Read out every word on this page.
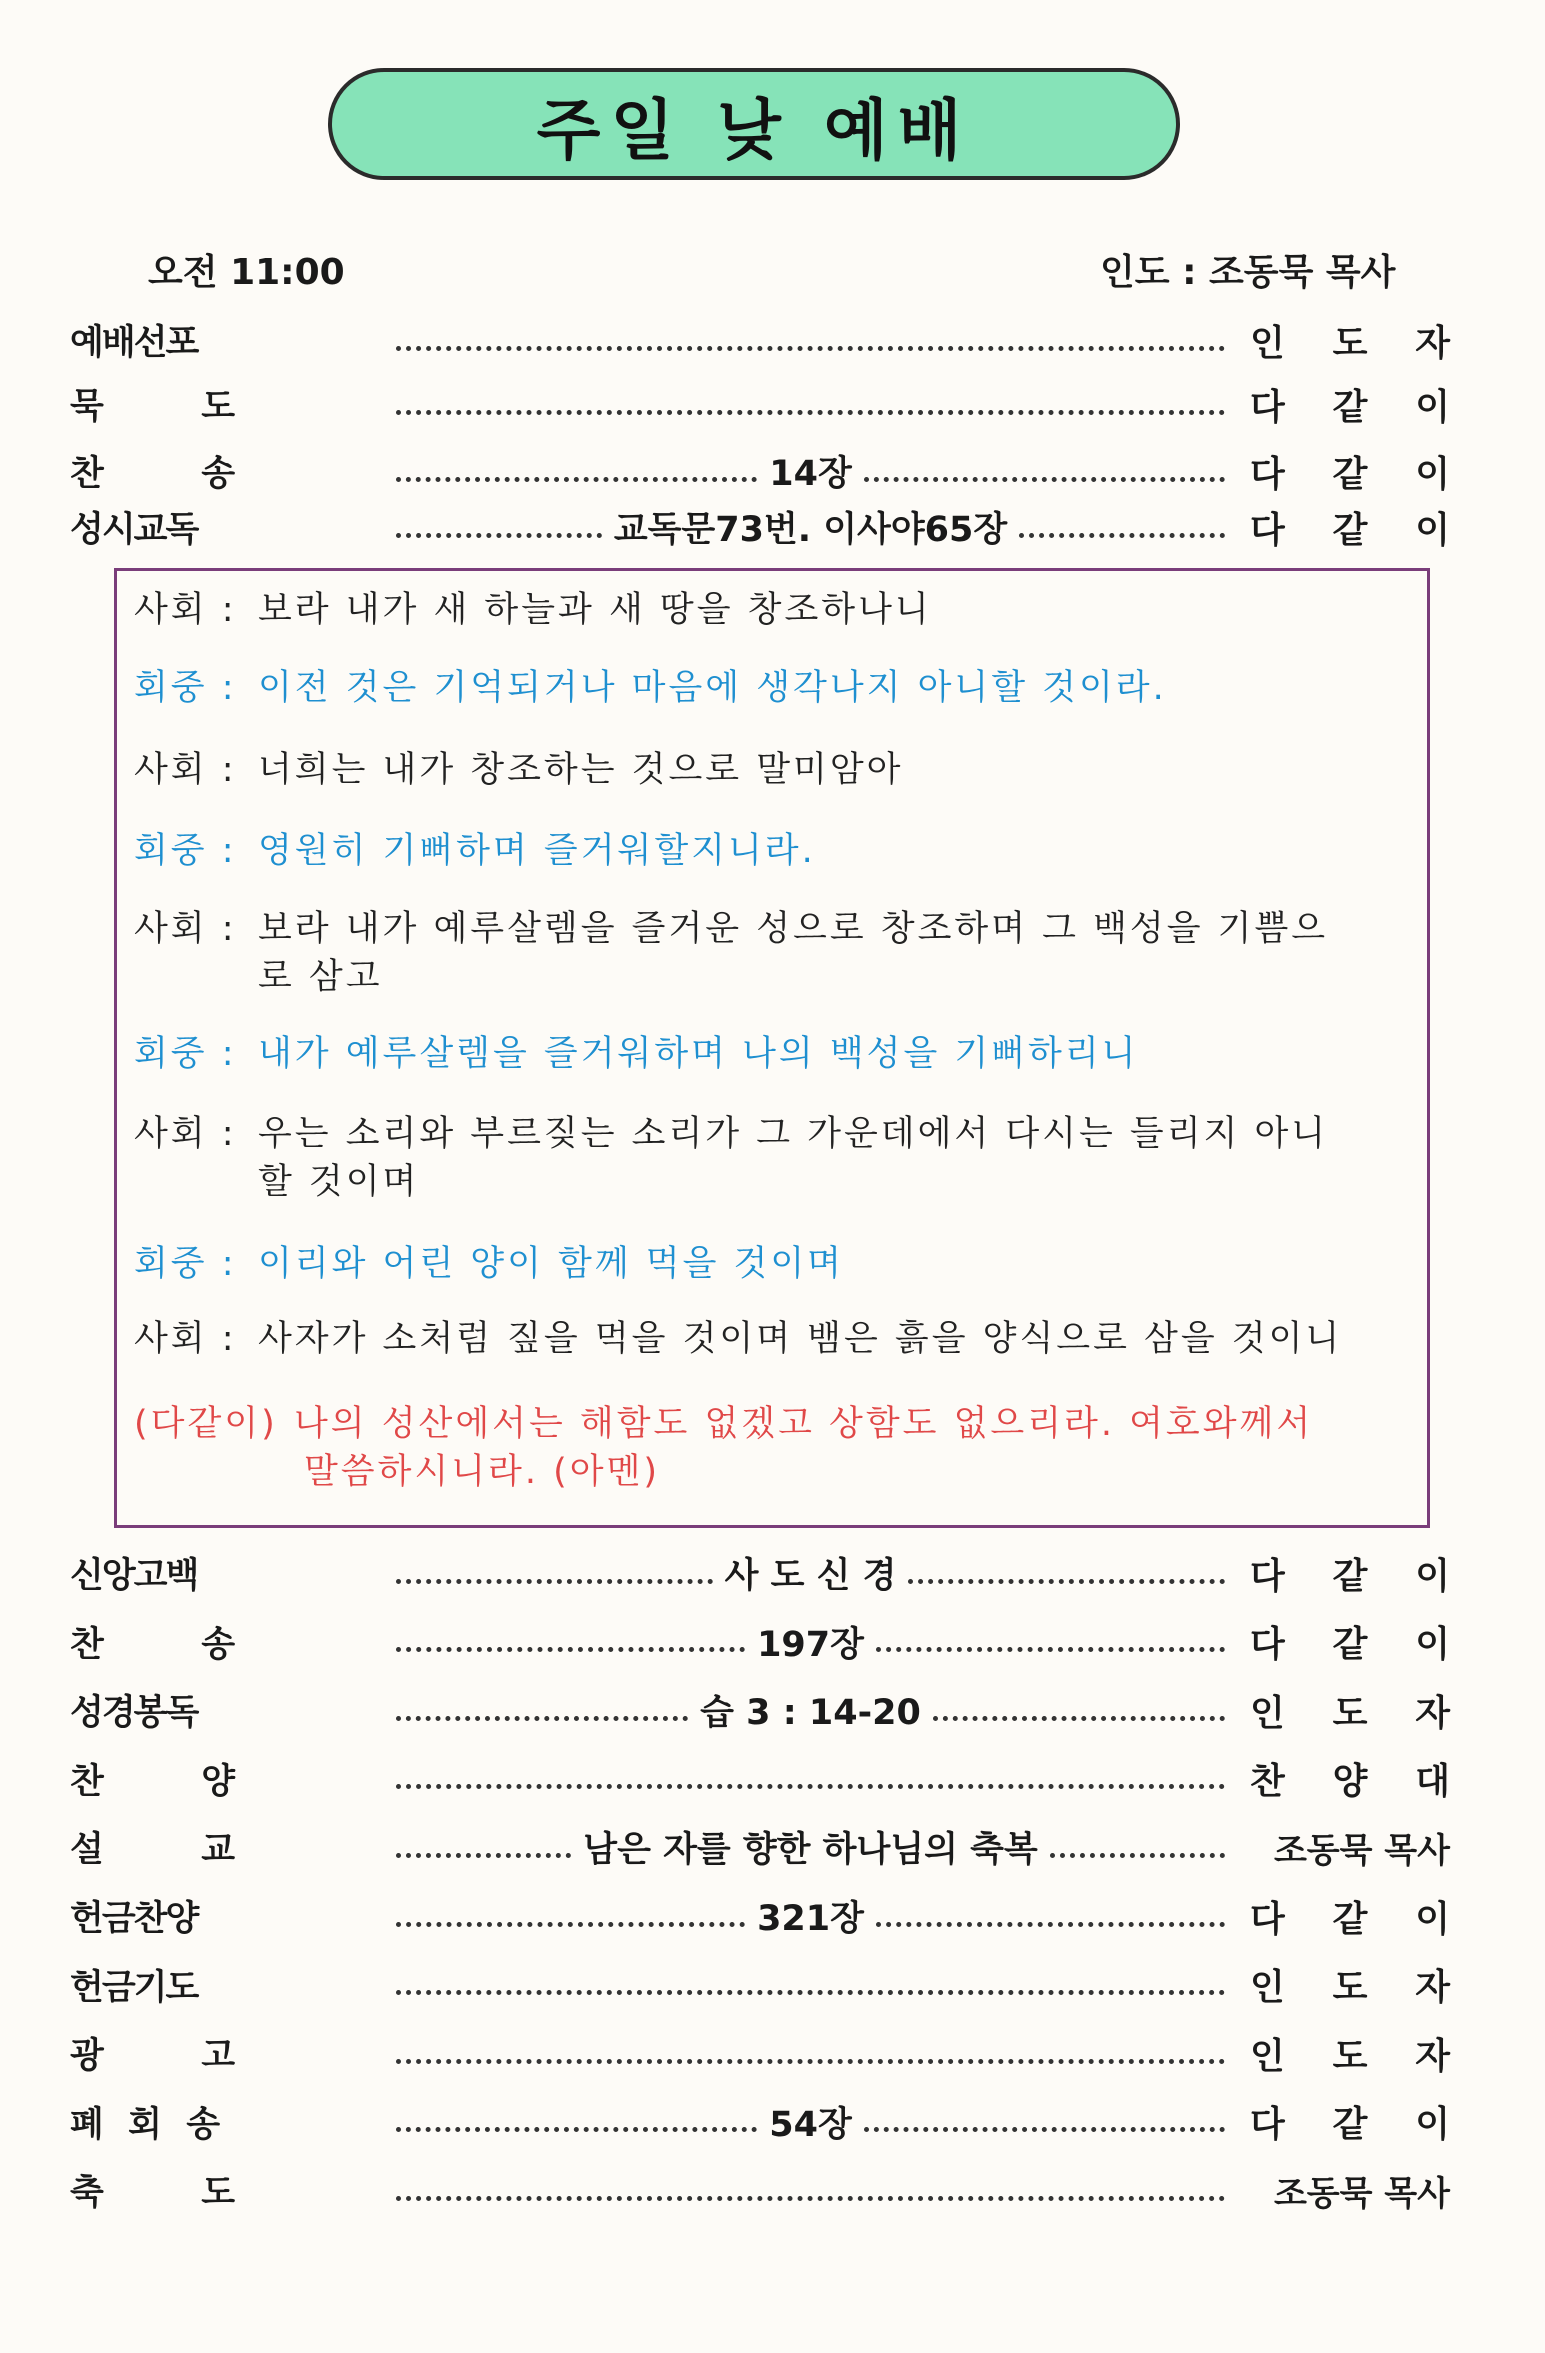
주일 낮 예배
오전 11:00	인도 : 조동묵 목사
예 배 선 포	인 도 자
묵	도	다 같 이
찬	송	14장	다 같 이
성 시 교 독	교독문73번. 이사야65장	다 같 이
사회 : 보라 내가 새 하늘과 새 땅을 창조하나니
회중 : 이전 것은 기억되거나 마음에 생각나지 아니할 것이라.
사회 : 너희는 내가 창조하는 것으로 말미암아
회중 : 영원히 기뻐하며 즐거워할지니라.
사회 : 보라 내가 예루살렘을 즐거운 성으로 창조하며 그 백성을 기쁨으
로 삼고
회중 : 내가 예루살렘을 즐거워하며 나의 백성을 기뻐하리니
사회 : 우는 소리와 부르짖는 소리가 그 가운데에서 다시는 들리지 아니
할 것이며
회중 : 이리와 어린 양이 함께 먹을 것이며
사회 : 사자가 소처럼 짚을 먹을 것이며 뱀은 흙을 양식으로 삼을 것이니
(다같이) 나의 성산에서는 해함도 없겠고 상함도 없으리라. 여호와께서
말씀하시니라. (아멘)
신 앙 고 백	사 도 신 경	다 같 이
찬	송	197장	다 같 이
성 경 봉 독	습 3 : 14-20	인 도 자
찬	양	찬 양 대
설	교	남은 자를 향한 하나님의 축복	조동묵 목사
헌 금 찬 양	321장	다 같 이
헌 금 기 도	인 도 자
광	고	인 도 자
폐 회 송	54장	다 같 이
축	도	조동묵 목사
